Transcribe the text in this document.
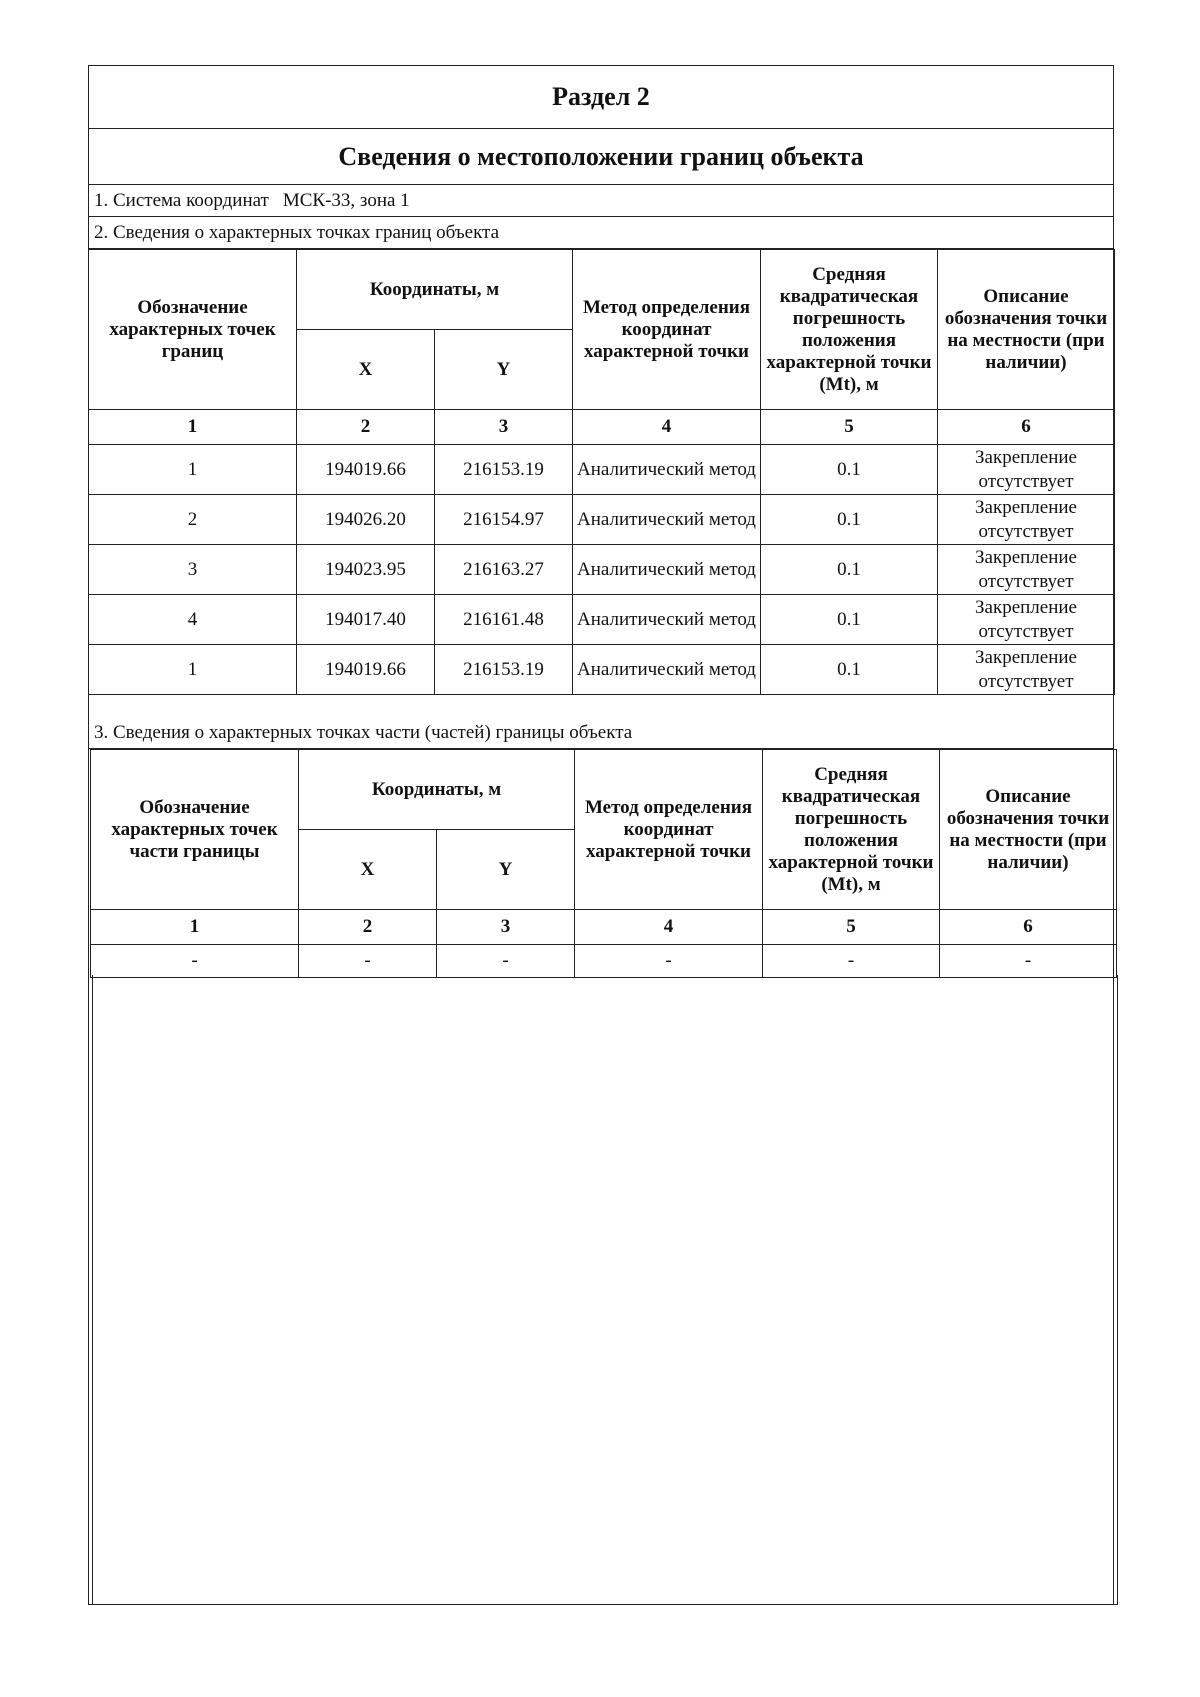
Раздел 2
Сведения о местоположении границ объекта
1. Система координат МСК-33, зона 1
2. Сведения о характерных точках границ объекта
Обозначение характерных точек границ	Координаты, м		Метод определения координат характерной точки	Средняя квадратическая погрешность положения характерной точки (Mt), м	Описание обозначения точки на местности (при наличии)
	X	Y			
1	2	3	4	5	6
1	194019.66	216153.19	Аналитический метод	0.1	Закрепление отсутствует
2	194026.20	216154.97	Аналитический метод	0.1	Закрепление отсутствует
3	194023.95	216163.27	Аналитический метод	0.1	Закрепление отсутствует
4	194017.40	216161.48	Аналитический метод	0.1	Закрепление отсутствует
1	194019.66	216153.19	Аналитический метод	0.1	Закрепление отсутствует
3. Сведения о характерных точках части (частей) границы объекта
Обозначение характерных точек части границы	Координаты, м		Метод определения координат характерной точки	Средняя квадратическая погрешность положения характерной точки (Mt), м	Описание обозначения точки на местности (при наличии)
	X	Y			
1	2	3	4	5	6
-	-	-	-	-	-
